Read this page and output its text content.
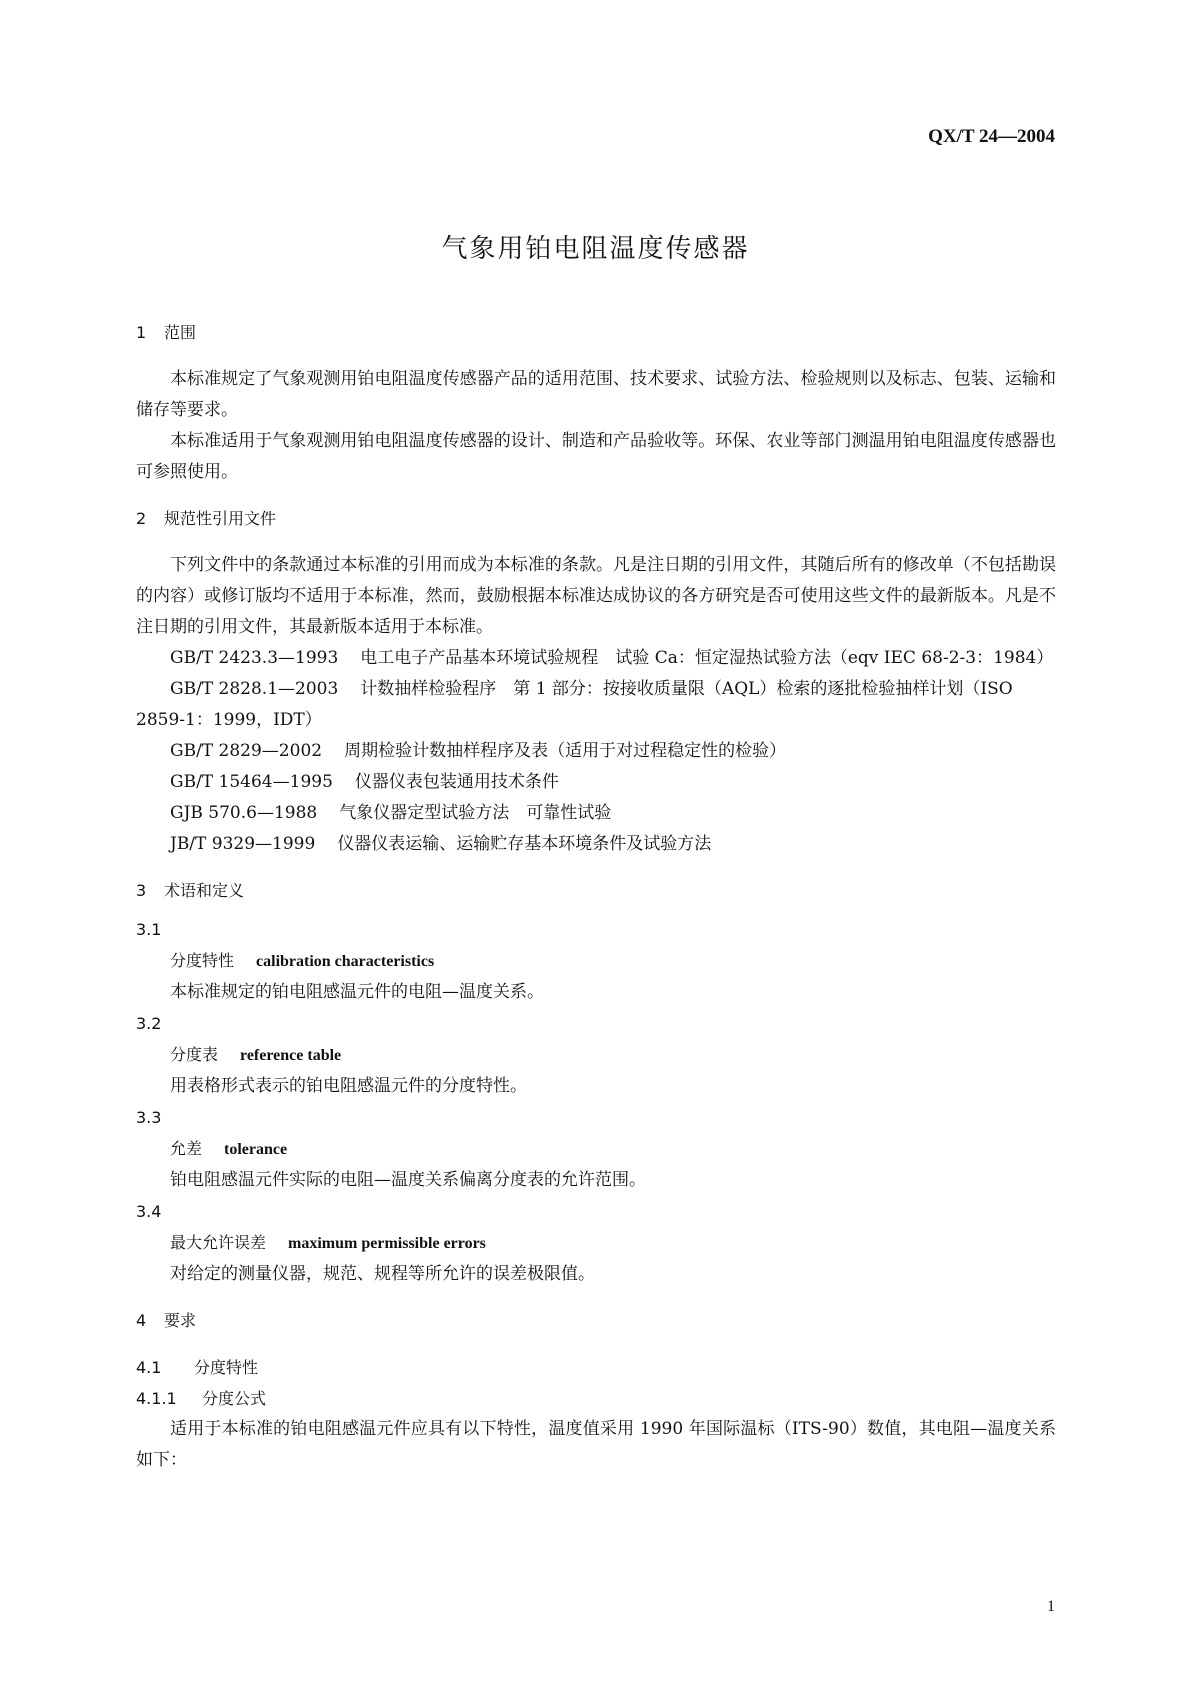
QX/T 24—2004
气象用铂电阻温度传感器
1 范围

本标准规定了气象观测用铂电阻温度传感器产品的适用范围、技术要求、试验方法、检验规则以及标志、包装、运输和储存等要求。

本标准适用于气象观测用铂电阻温度传感器的设计、制造和产品验收等。环保、农业等部门测温用铂电阻温度传感器也可参照使用。

2 规范性引用文件

下列文件中的条款通过本标准的引用而成为本标准的条款。凡是注日期的引用文件，其随后所有的修改单（不包括勘误的内容）或修订版均不适用于本标准，然而，鼓励根据本标准达成协议的各方研究是否可使用这些文件的最新版本。凡是不注日期的引用文件，其最新版本适用于本标准。

GB/T 2423.3—1993 电工电子产品基本环境试验规程　试验 Ca：恒定湿热试验方法（eqv IEC 68-2-3：1984）

GB/T 2828.1—2003 计数抽样检验程序　第 1 部分：按接收质量限（AQL）检索的逐批检验抽样计划（ISO 2859-1：1999，IDT）

GB/T 2829—2002 周期检验计数抽样程序及表（适用于对过程稳定性的检验）

GB/T 15464—1995 仪器仪表包装通用技术条件

GJB 570.6—1988 气象仪器定型试验方法　可靠性试验

JB/T 9329—1999 仪器仪表运输、运输贮存基本环境条件及试验方法

3 术语和定义

3.1

分度特性 calibration characteristics

本标准规定的铂电阻感温元件的电阻—温度关系。

3.2

分度表 reference table

用表格形式表示的铂电阻感温元件的分度特性。

3.3

允差 tolerance

铂电阻感温元件实际的电阻—温度关系偏离分度表的允许范围。

3.4

最大允许误差 maximum permissible errors

对给定的测量仪器，规范、规程等所允许的误差极限值。

4 要求

4.1 分度特性

4.1.1 分度公式

适用于本标准的铂电阻感温元件应具有以下特性，温度值采用 1990 年国际温标（ITS-90）数值，其电阻—温度关系如下：

1
